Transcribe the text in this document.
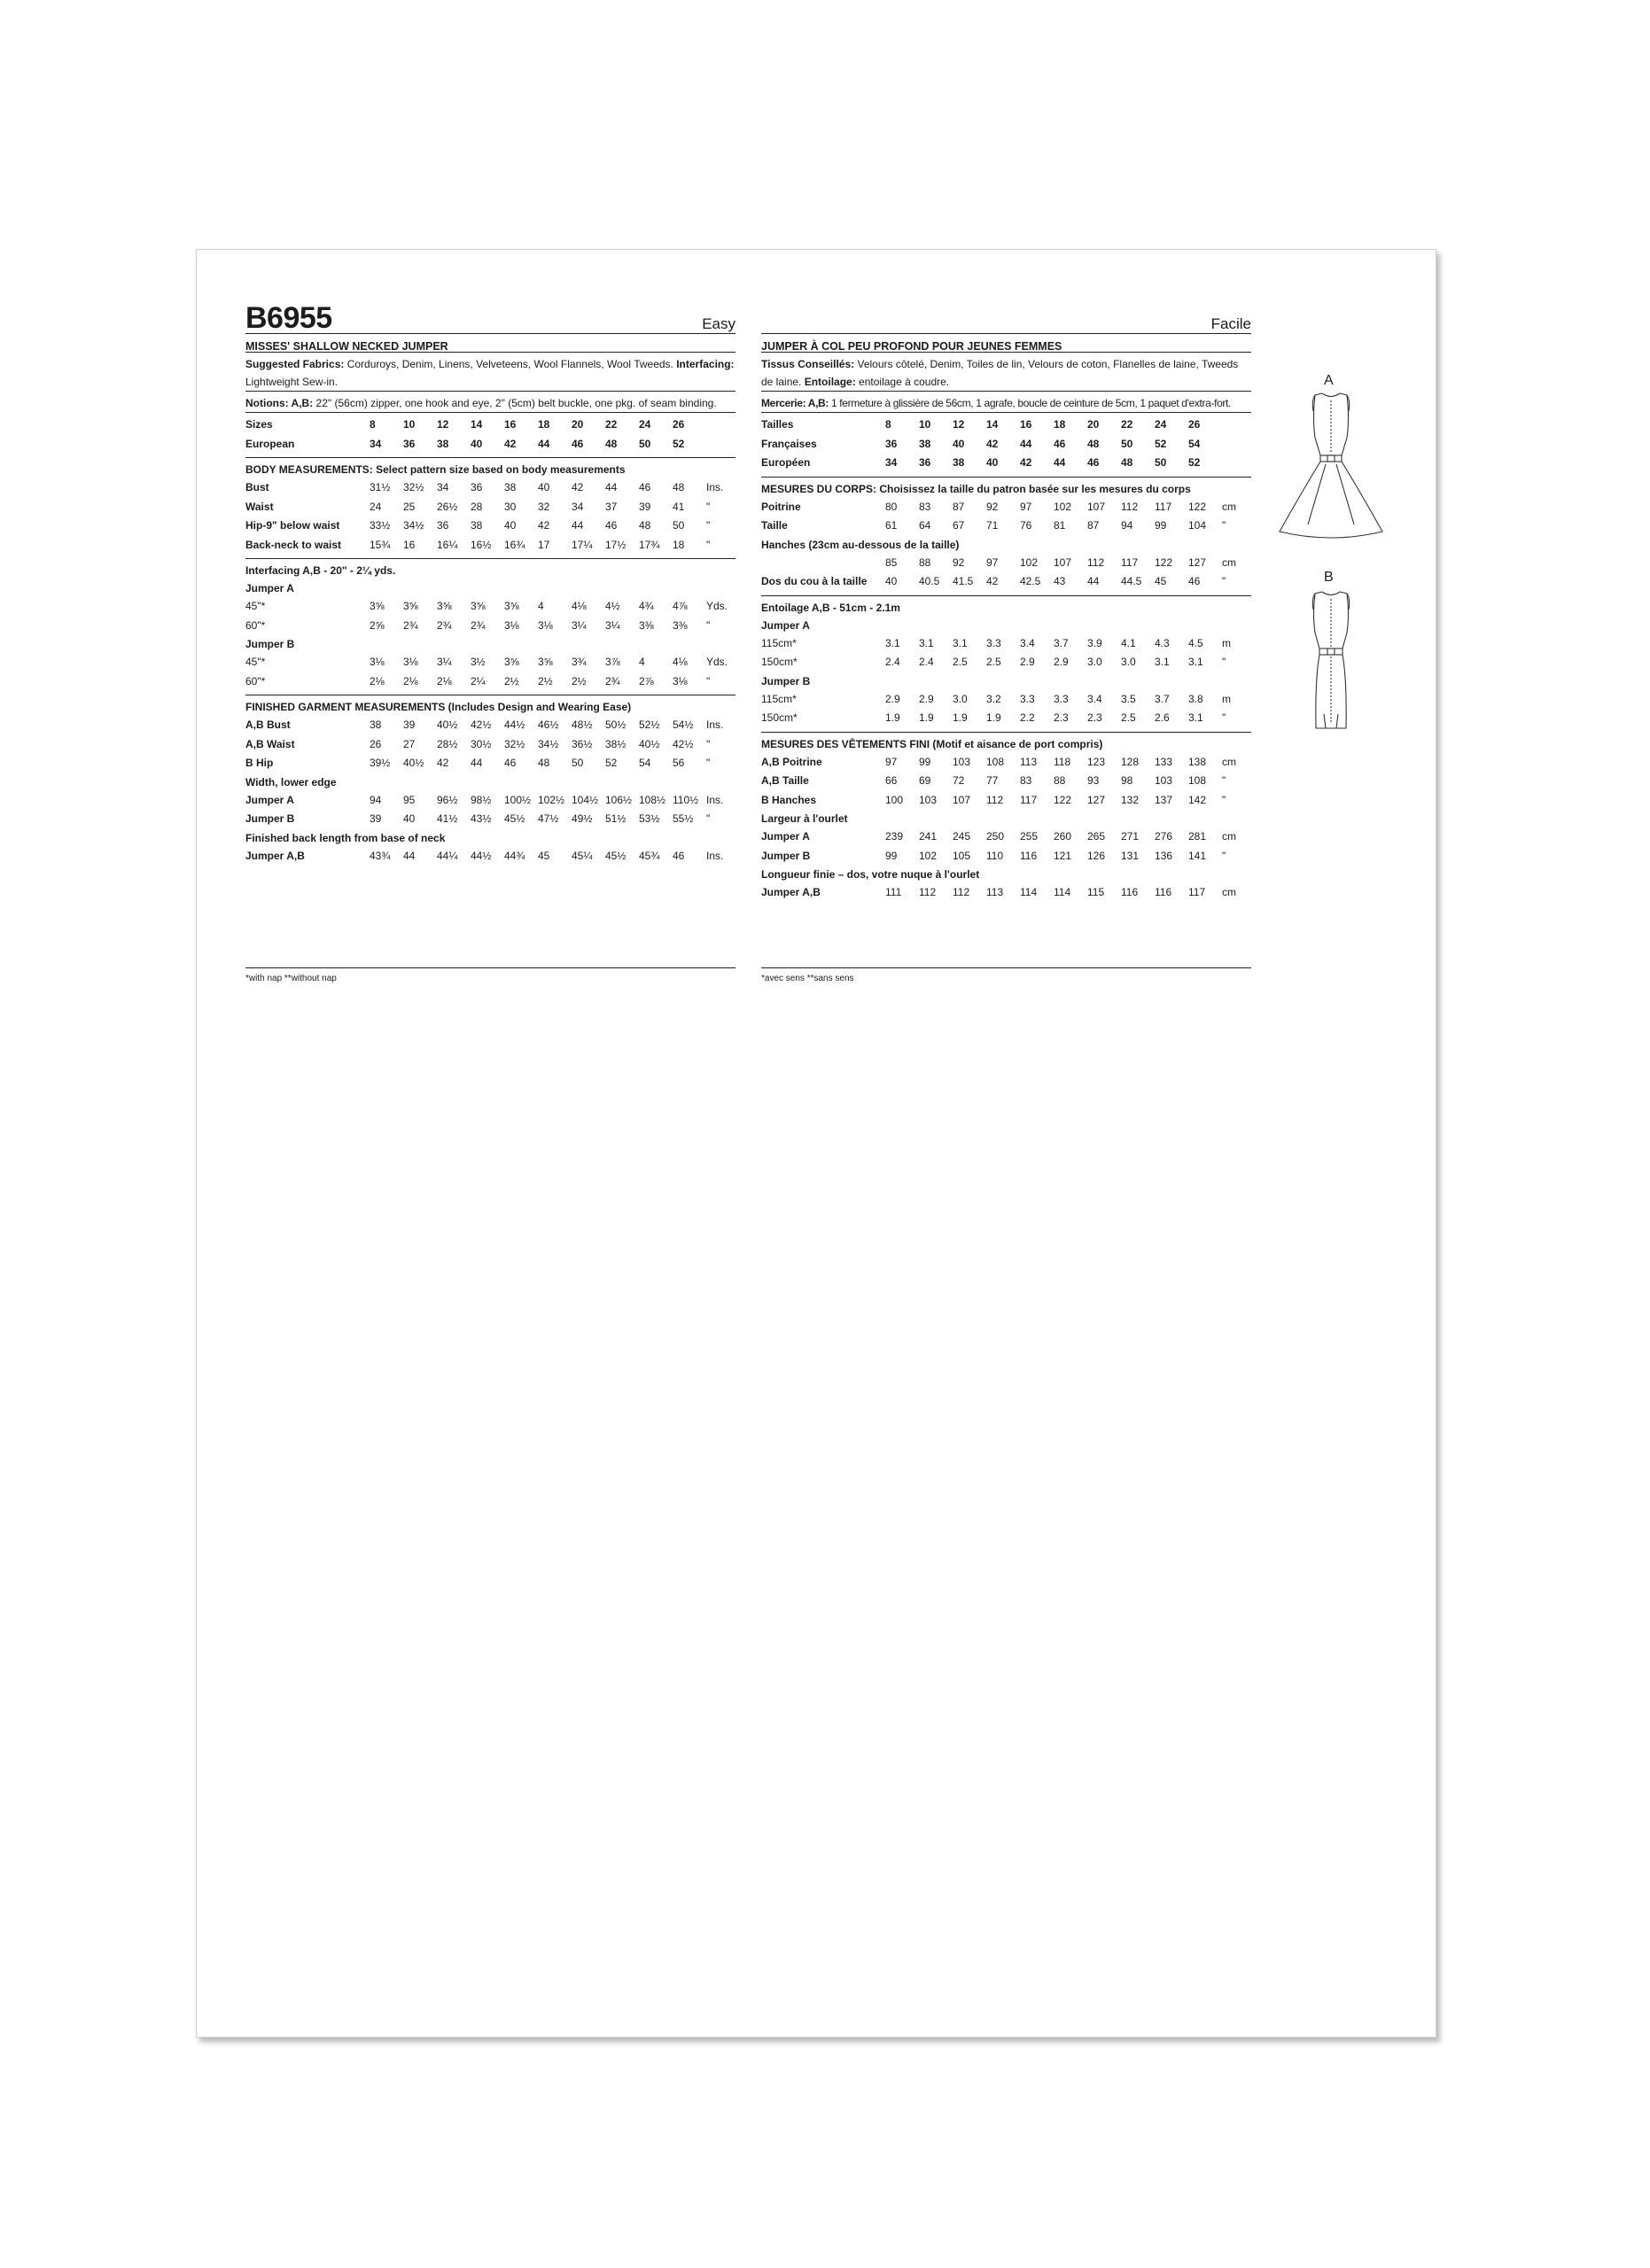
B6955	Easy
MISSES' SHALLOW NECKED JUMPER
Suggested Fabrics: Corduroys, Denim, Linens, Velveteens, Wool Flannels, Wool Tweeds. Interfacing: Lightweight Sew-in.
Notions: A,B: 22" (56cm) zipper, one hook and eye, 2" (5cm) belt buckle, one pkg. of seam binding.
Sizes	8	10	12	14	16	18	20	22	24	26	
European	34	36	38	40	42	44	46	48	50	52	
BODY MEASUREMENTS: Select pattern size based on body measurements
Bust	31½	32½	34	36	38	40	42	44	46	48	Ins.
Waist	24	25	26½	28	30	32	34	37	39	41	"
Hip-9" below waist	33½	34½	36	38	40	42	44	46	48	50	"
Back-neck to waist	15¾	16	16¼	16½	16¾	17	17¼	17½	17¾	18	"
Interfacing A,B - 20" - 2¼ yds.
Jumper A
45"*	3⅝	3⅝	3⅝	3⅝	3⅝	4	4⅛	4½	4¾	4⅞	Yds.
60"*	2⅝	2¾	2¾	2¾	3⅛	3⅛	3¼	3¼	3⅜	3⅜	"
Jumper B
45"*	3⅛	3⅛	3¼	3½	3⅝	3⅝	3¾	3⅞	4	4⅛	Yds.
60"*	2⅛	2⅛	2⅛	2¼	2½	2½	2½	2¾	2⅞	3⅛	"
FINISHED GARMENT MEASUREMENTS (Includes Design and Wearing Ease)
A,B Bust	38	39	40½	42½	44½	46½	48½	50½	52½	54½	Ins.
A,B Waist	26	27	28½	30½	32½	34½	36½	38½	40½	42½	"
B Hip	39½	40½	42	44	46	48	50	52	54	56	"
Width, lower edge
Jumper A	94	95	96½	98½	100½	102½	104½	106½	108½	110½	Ins.
Jumper B	39	40	41½	43½	45½	47½	49½	51½	53½	55½	"
Finished back length from base of neck
Jumper A,B	43¾	44	44¼	44½	44¾	45	45¼	45½	45¾	46	Ins.
Facile
JUMPER À COL PEU PROFOND POUR JEUNES FEMMES
Tissus Conseillés: Velours côtelé, Denim, Toiles de lin, Velours de coton, Flanelles de laine, Tweeds de laine. Entoilage: entoilage à coudre.
Mercerie: A,B: 1 fermeture à glissière de 56cm, 1 agrafe, boucle de ceinture de 5cm, 1 paquet d'extra-fort.
Tailles	8	10	12	14	16	18	20	22	24	26	
Françaises	36	38	40	42	44	46	48	50	52	54	
Européen	34	36	38	40	42	44	46	48	50	52	
MESURES DU CORPS: Choisissez la taille du patron basée sur les mesures du corps
Poitrine	80	83	87	92	97	102	107	112	117	122	cm
Taille	61	64	67	71	76	81	87	94	99	104	"
Hanches (23cm au-dessous de la taille)
	85	88	92	97	102	107	112	117	122	127	cm
Dos du cou à la taille	40	40.5	41.5	42	42.5	43	44	44.5	45	46	"
Entoilage A,B - 51cm - 2.1m
Jumper A
115cm*	3.1	3.1	3.1	3.3	3.4	3.7	3.9	4.1	4.3	4.5	m
150cm*	2.4	2.4	2.5	2.5	2.9	2.9	3.0	3.0	3.1	3.1	"
Jumper B
115cm*	2.9	2.9	3.0	3.2	3.3	3.3	3.4	3.5	3.7	3.8	m
150cm*	1.9	1.9	1.9	1.9	2.2	2.3	2.3	2.5	2.6	3.1	"
MESURES DES VÊTEMENTS FINI (Motif et aisance de port compris)
A,B Poitrine	97	99	103	108	113	118	123	128	133	138	cm
A,B Taille	66	69	72	77	83	88	93	98	103	108	"
B Hanches	100	103	107	112	117	122	127	132	137	142	"
Largeur à l'ourlet
Jumper A	239	241	245	250	255	260	265	271	276	281	cm
Jumper B	99	102	105	110	116	121	126	131	136	141	"
Longueur finie – dos, votre nuque à l'ourlet
Jumper A,B	111	112	112	113	114	114	115	116	116	117	cm
*with nap **without nap	*avec sens **sans sens
A
B
